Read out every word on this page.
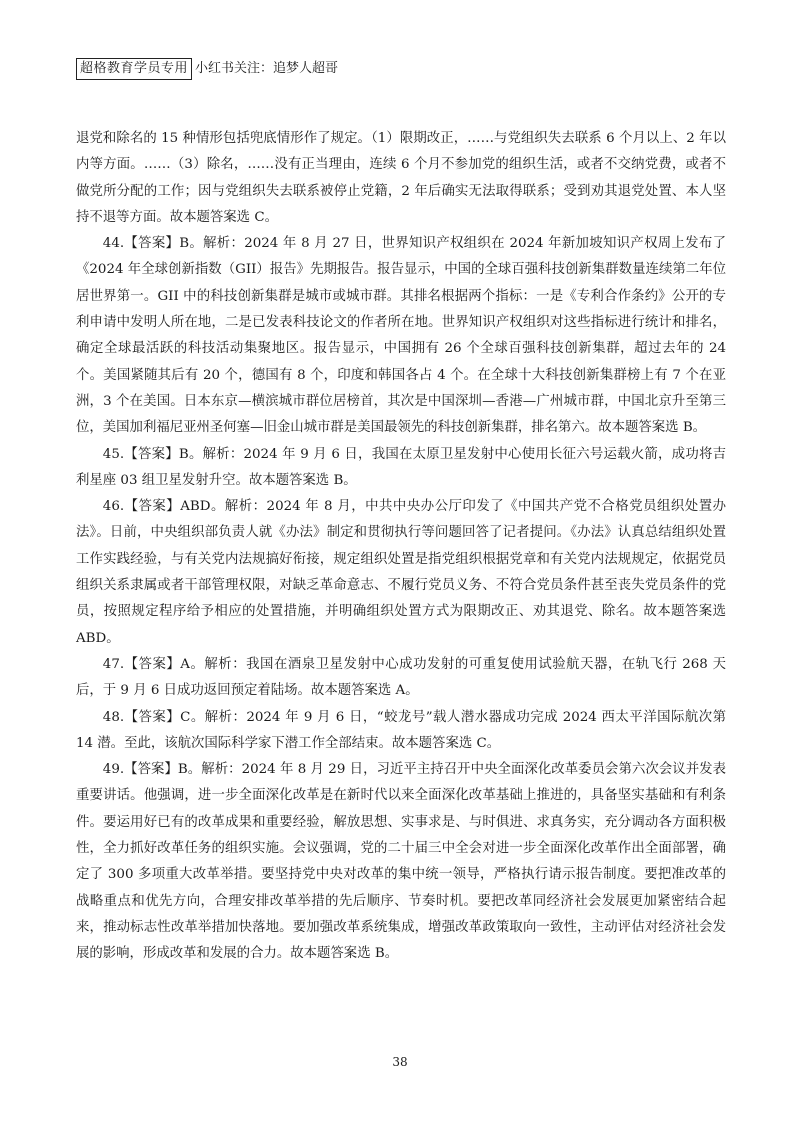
超格教育学员专用 小红书关注：追梦人超哥

退党和除名的 15 种情形包括兜底情形作了规定。（1）限期改正，……与党组织失去联系 6 个月以上、2 年以内等方面。……（3）除名，……没有正当理由，连续 6 个月不参加党的组织生活，或者不交纳党费，或者不做党所分配的工作；因与党组织失去联系被停止党籍，2 年后确实无法取得联系；受到劝其退党处置、本人坚持不退等方面。故本题答案选 C。

44.【答案】B。解析：2024 年 8 月 27 日，世界知识产权组织在 2024 年新加坡知识产权周上发布了《2024 年全球创新指数（GII）报告》先期报告。报告显示，中国的全球百强科技创新集群数量连续第二年位居世界第一。GII 中的科技创新集群是城市或城市群。其排名根据两个指标：一是《专利合作条约》公开的专利申请中发明人所在地，二是已发表科技论文的作者所在地。世界知识产权组织对这些指标进行统计和排名，确定全球最活跃的科技活动集聚地区。报告显示，中国拥有 26 个全球百强科技创新集群，超过去年的 24 个。美国紧随其后有 20 个，德国有 8 个，印度和韩国各占 4 个。在全球十大科技创新集群榜上有 7 个在亚洲，3 个在美国。日本东京—横滨城市群位居榜首，其次是中国深圳—香港—广州城市群，中国北京升至第三位，美国加利福尼亚州圣何塞—旧金山城市群是美国最领先的科技创新集群，排名第六。故本题答案选 B。

45.【答案】B。解析：2024 年 9 月 6 日，我国在太原卫星发射中心使用长征六号运载火箭，成功将吉利星座 03 组卫星发射升空。故本题答案选 B。

46.【答案】ABD。解析：2024 年 8 月，中共中央办公厅印发了《中国共产党不合格党员组织处置办法》。日前，中央组织部负责人就《办法》制定和贯彻执行等问题回答了记者提问。《办法》认真总结组织处置工作实践经验，与有关党内法规搞好衔接，规定组织处置是指党组织根据党章和有关党内法规规定，依据党员组织关系隶属或者干部管理权限，对缺乏革命意志、不履行党员义务、不符合党员条件甚至丧失党员条件的党员，按照规定程序给予相应的处置措施，并明确组织处置方式为限期改正、劝其退党、除名。故本题答案选 ABD。

47.【答案】A。解析：我国在酒泉卫星发射中心成功发射的可重复使用试验航天器，在轨飞行 268 天后，于 9 月 6 日成功返回预定着陆场。故本题答案选 A。

48.【答案】C。解析：2024 年 9 月 6 日，“蛟龙号”载人潜水器成功完成 2024 西太平洋国际航次第 14 潜。至此，该航次国际科学家下潜工作全部结束。故本题答案选 C。

49.【答案】B。解析：2024 年 8 月 29 日，习近平主持召开中央全面深化改革委员会第六次会议并发表重要讲话。他强调，进一步全面深化改革是在新时代以来全面深化改革基础上推进的，具备坚实基础和有利条件。要运用好已有的改革成果和重要经验，解放思想、实事求是、与时俱进、求真务实，充分调动各方面积极性，全力抓好改革任务的组织实施。会议强调，党的二十届三中全会对进一步全面深化改革作出全面部署，确定了 300 多项重大改革举措。要坚持党中央对改革的集中统一领导，严格执行请示报告制度。要把准改革的战略重点和优先方向，合理安排改革举措的先后顺序、节奏时机。要把改革同经济社会发展更加紧密结合起来，推动标志性改革举措加快落地。要加强改革系统集成，增强改革政策取向一致性，主动评估对经济社会发展的影响，形成改革和发展的合力。故本题答案选 B。

38
